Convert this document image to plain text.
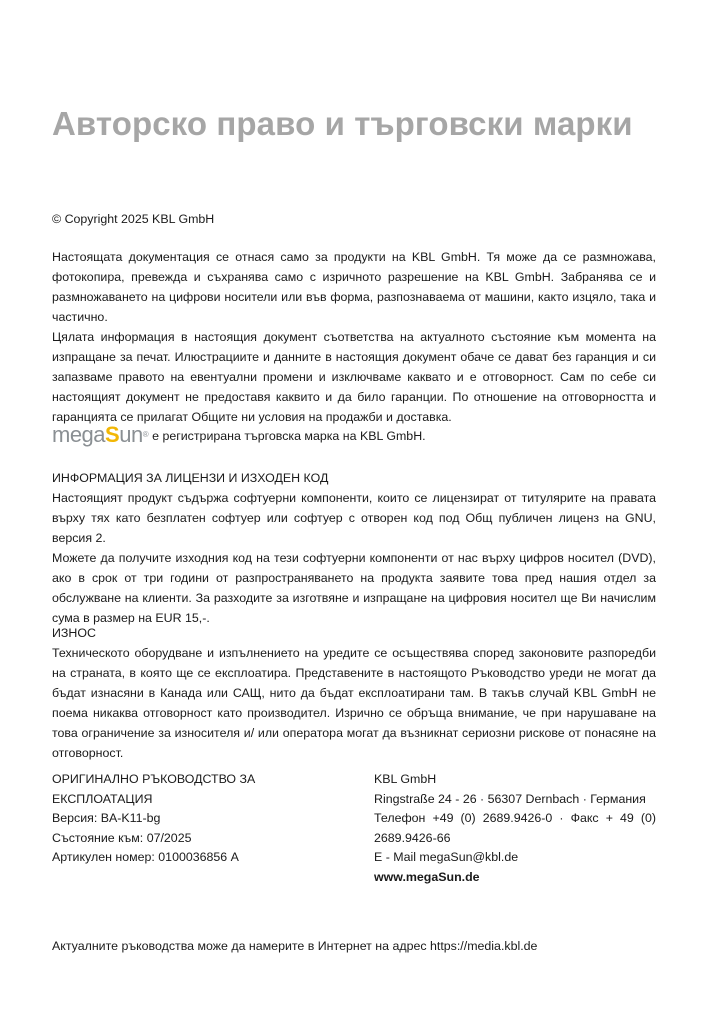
Авторско право и търговски марки
© Copyright 2025 KBL GmbH

Настоящата документация се отнася само за продукти на KBL GmbH. Тя може да се размножава, фотокопира, превежда и съхранява само с изричното разрешение на KBL GmbH. Забранява се и размножаването на цифрови носители или във форма, разпознаваема от машини, както изцяло, така и частично.

Цялата информация в настоящия документ съответства на актуалното състояние към момента на изпращане за печат. Илюстрациите и данните в настоящия документ обаче се дават без гаранция и си запазваме правото на евентуални промени и изключваме каквато и е отговорност. Сам по себе си настоящият документ не предоставя каквито и да било гаранции. По отношение на отговорността и гаранцията се прилагат Общите ни условия на продажби и доставка.

megaSun® е регистрирана търговска марка на KBL GmbH.

ИНФОРМАЦИЯ ЗА ЛИЦЕНЗИ И ИЗХОДЕН КОД

Настоящият продукт съдържа софтуерни компоненти, които се лицензират от титулярите на правата върху тях като безплатен софтуер или софтуер с отворен код под Общ публичен лиценз на GNU, версия 2.

Можете да получите изходния код на тези софтуерни компоненти от нас върху цифров носител (DVD), ако в срок от три години от разпространяването на продукта заявите това пред нашия отдел за обслужване на клиенти. За разходите за изготвяне и изпращане на цифровия носител ще Ви начислим сума в размер на EUR 15,-.

ИЗНОС

Техническото оборудване и изпълнението на уредите се осъществява според законовите разпоредби на страната, в която ще се експлоатира. Представените в настоящото Ръководство уреди не могат да бъдат изнасяни в Канада или САЩ, нито да бъдат експлоатирани там. В такъв случай KBL GmbH не поема никаква отговорност като производител. Изрично се обръща внимание, че при нарушаване на това ограничение за износителя и/ или оператора могат да възникнат сериозни рискове от понасяне на отговорност.

ОРИГИНАЛНО РЪКОВОДСТВО ЗА
ЕКСПЛОАТАЦИЯ
Версия: BA-K11-bg
Състояние към: 07/2025
Артикулен номер: 0100036856 A
KBL GmbH
Ringstraße 24 - 26 · 56307 Dernbach · Германия
Телефон +49 (0) 2689.9426-0 · Факс + 49 (0)
2689.9426-66
E - Mail megaSun@kbl.de
www.megaSun.de
Актуалните ръководства може да намерите в Интернет на адрес https://media.kbl.de
